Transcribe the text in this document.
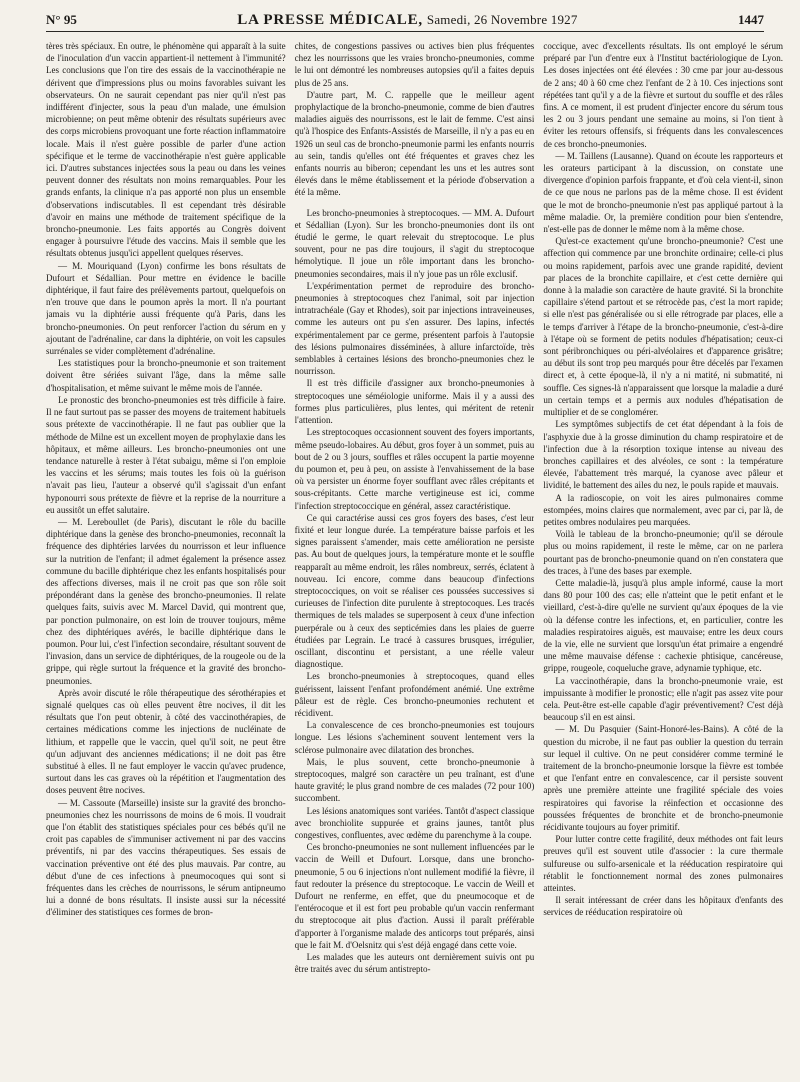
N° 95	LA PRESSE MÉDICALE, Samedi, 26 Novembre 1927	1447

tères très spéciaux. En outre, le phénomène qui apparaît à la suite de l'inoculation d'un vaccin appartient-il nettement à l'immunité? Les conclusions que l'on tire des essais de la vaccinothérapie ne dérivent que d'impressions plus ou moins favorables suivant les observateurs. On ne saurait cependant pas nier qu'il n'est pas indifférent d'injecter, sous la peau d'un malade, une émulsion microbienne; on peut même obtenir des résultats supérieurs avec des corps microbiens provoquant une forte réaction inflammatoire locale. Mais il n'est guère possible de parler d'une action spécifique et le terme de vaccinothérapie n'est guère applicable ici. D'autres substances injectées sous la peau ou dans les veines peuvent donner des résultats non moins remarquables. Pour les grands enfants, la clinique n'a pas apporté non plus un ensemble d'observations indiscutables. Il est cependant très désirable d'avoir en mains une méthode de traitement spécifique de la broncho-pneumonie. Les faits apportés au Congrès doivent engager à poursuivre l'étude des vaccins. Mais il semble que les résultats obtenus jusqu'ici appellent quelques réserves.

— M. Mouriquand (Lyon) confirme les bons résultats de Dufourt et Sédallian. Pour mettre en évidence le bacille diphtérique, il faut faire des prélèvements partout, quelquefois on n'en trouve que dans le poumon après la mort. Il n'a pourtant jamais vu la diphtérie aussi fréquente qu'à Paris, dans les broncho-pneumonies. On peut renforcer l'action du sérum en y ajoutant de l'adrénaline, car dans la diphtérie, on voit les capsules surrénales se vider complètement d'adrénaline.

Les statistiques pour la broncho-pneumonie et son traitement doivent être sériées suivant l'âge, dans la même salle d'hospitalisation, et même suivant le même mois de l'année.

Le pronostic des broncho-pneumonies est très difficile à faire. Il ne faut surtout pas se passer des moyens de traitement habituels sous prétexte de vaccinothérapie. Il ne faut pas oublier que la méthode de Milne est un excellent moyen de prophylaxie dans les hôpitaux, et même ailleurs. Les broncho-pneumonies ont une tendance naturelle à rester à l'état subaigu, même si l'on emploie les vaccins et les sérums; mais toutes les fois où la guérison n'avait pas lieu, l'auteur a observé qu'il s'agissait d'un enfant hyponourri sous prétexte de fièvre et la reprise de la nourriture a eu aussitôt un effet salutaire.

— M. Lereboullet (de Paris), discutant le rôle du bacille diphtérique dans la genèse des broncho-pneumonies, reconnaît la fréquence des diphtéries larvées du nourrisson et leur influence sur la nutrition de l'enfant; il admet également la présence assez commune du bacille diphtérique chez les enfants hospitalisés pour des affections diverses, mais il ne croit pas que son rôle soit prépondérant dans la genèse des broncho-pneumonies. Il relate quelques faits, suivis avec M. Marcel David, qui montrent que, par ponction pulmonaire, on est loin de trouver toujours, même chez des diphtériques avérés, le bacille diphtérique dans le poumon. Pour lui, c'est l'infection secondaire, résultant souvent de l'invasion, dans un service de diphtériques, de la rougeole ou de la grippe, qui règle surtout la fréquence et la gravité des broncho-pneumonies.

Après avoir discuté le rôle thérapeutique des sérothérapies et signalé quelques cas où elles peuvent être nocives, il dit les résultats que l'on peut obtenir, à côté des vaccinothérapies, de certaines médications comme les injections de nucléinate de lithium, et rappelle que le vaccin, quel qu'il soit, ne peut être qu'un adjuvant des anciennes médications; il ne doit pas être substitué à elles. Il ne faut employer le vaccin qu'avec prudence, surtout dans les cas graves où la répétition et l'augmentation des doses peuvent être nocives.

— M. Cassoute (Marseille) insiste sur la gravité des broncho-pneumonies chez les nourrissons de moins de 6 mois. Il voudrait que l'on établit des statistiques spéciales pour ces bébés qu'il ne croit pas capables de s'immuniser activement ni par des vaccins préventifs, ni par des vaccins thérapeutiques. Ses essais de vaccination préventive ont été des plus mauvais. Par contre, au début d'une de ces infections à pneumocoques qui sont si fréquentes dans les crèches de nourrissons, le sérum antipneumo lui a donné de bons résultats. Il insiste aussi sur la nécessité d'éliminer des statistiques ces formes de bron-

chites, de congestions passives ou actives bien plus fréquentes chez les nourrissons que les vraies broncho-pneumonies, comme le lui ont démontré les nombreuses autopsies qu'il a faites depuis plus de 25 ans.

D'autre part, M. C. rappelle que le meilleur agent prophylactique de la broncho-pneumonie, comme de bien d'autres maladies aiguës des nourrissons, est le lait de femme. C'est ainsi qu'à l'hospice des Enfants-Assistés de Marseille, il n'y a pas eu en 1926 un seul cas de broncho-pneumonie parmi les enfants nourris au sein, tandis qu'elles ont été fréquentes et graves chez les enfants nourris au biberon; cependant les uns et les autres sont élevés dans le même établissement et la période d'observation a été la même.

Les broncho-pneumonies à streptocoques. — MM. A. Dufourt et Sédallian (Lyon). Sur les broncho-pneumonies dont ils ont étudié le germe, le quart relevait du streptocoque. Le plus souvent, pour ne pas dire toujours, il s'agit du streptocoque hémolytique. Il joue un rôle important dans les broncho-pneumonies secondaires, mais il n'y joue pas un rôle exclusif.

L'expérimentation permet de reproduire des broncho-pneumonies à streptocoques chez l'animal, soit par injection intratrachéale (Gay et Rhodes), soit par injections intraveineuses, comme les auteurs ont pu s'en assurer. Des lapins, infectés expérimentalement par ce germe, présentent parfois à l'autopsie des lésions pulmonaires disséminées, à allure infarctoïde, très semblables à certaines lésions des broncho-pneumonies chez le nourrisson.

Il est très difficile d'assigner aux broncho-pneumonies à streptocoques une séméiologie uniforme. Mais il y a aussi des formes plus particulières, plus lentes, qui méritent de retenir l'attention.

Les streptocoques occasionnent souvent des foyers importants, même pseudo-lobaires. Au début, gros foyer à un sommet, puis au bout de 2 ou 3 jours, souffles et râles occupent la partie moyenne du poumon et, peu à peu, on assiste à l'envahissement de la base où va persister un énorme foyer soufflant avec râles crépitants et sous-crépitants. Cette marche vertigineuse est ici, comme l'infection streptococcique en général, assez caractéristique.

Ce qui caractérise aussi ces gros foyers des bases, c'est leur fixité et leur longue durée. La température baisse parfois et les signes paraissent s'amender, mais cette amélioration ne persiste pas. Au bout de quelques jours, la température monte et le souffle reapparaît au même endroit, les râles nombreux, serrés, éclatent à nouveau. Ici encore, comme dans beaucoup d'infections streptococciques, on voit se réaliser ces poussées successives si curieuses de l'infection dite purulente à streptocoques. Les tracés thermiques de tels malades se superposent à ceux d'une infection puerpérale ou à ceux des septicémies dans les plaies de guerre étudiées par Legrain. Le tracé à cassures brusques, irrégulier, oscillant, discontinu et persistant, a une réelle valeur diagnostique.

Les broncho-pneumonies à streptocoques, quand elles guérissent, laissent l'enfant profondément anémié. Une extrême pâleur est de règle. Ces broncho-pneumonies rechutent et récidivent.

La convalescence de ces broncho-pneumonies est toujours longue. Les lésions s'acheminent souvent lentement vers la sclérose pulmonaire avec dilatation des bronches.

Mais, le plus souvent, cette broncho-pneumonie à streptocoques, malgré son caractère un peu traînant, est d'une haute gravité; le plus grand nombre de ces malades (72 pour 100) succombent.

Les lésions anatomiques sont variées. Tantôt d'aspect classique avec bronchiolite suppurée et grains jaunes, tantôt plus congestives, confluentes, avec œdème du parenchyme à la coupe.

Ces broncho-pneumonies ne sont nullement influencées par le vaccin de Weill et Dufourt. Lorsque, dans une broncho-pneumonie, 5 ou 6 injections n'ont nullement modifié la fièvre, il faut redouter la présence du streptocoque. Le vaccin de Weill et Dufourt ne renferme, en effet, que du pneumocoque et de l'entérocoque et il est fort peu probable qu'un vaccin renfermant du streptocoque ait plus d'action. Aussi il paraît préférable d'apporter à l'organisme malade des anticorps tout préparés, ainsi que le fait M. d'Oelsnitz qui s'est déjà engagé dans cette voie.

Les malades que les auteurs ont dernièrement suivis ont pu être traités avec du sérum antistrepto-

coccique, avec d'excellents résultats. Ils ont employé le sérum préparé par l'un d'entre eux à l'Institut bactériologique de Lyon. Les doses injectées ont été élevées : 30 cme par jour au-dessous de 2 ans; 40 à 60 cme chez l'enfant de 2 à 10. Ces injections sont répétées tant qu'il y a de la fièvre et surtout du souffle et des râles fins. A ce moment, il est prudent d'injecter encore du sérum tous les 2 ou 3 jours pendant une semaine au moins, si l'on tient à éviter les retours offensifs, si fréquents dans les convalescences de ces broncho-pneumonies.

— M. Taillens (Lausanne). Quand on écoute les rapporteurs et les orateurs participant à la discussion, on constate une divergence d'opinion parfois frappante, et d'où cela vient-il, sinon de ce que nous ne parlons pas de la même chose. Il est évident que le mot de broncho-pneumonie n'est pas appliqué partout à la même maladie. Or, la première condition pour bien s'entendre, n'est-elle pas de donner le même nom à la même chose.

Qu'est-ce exactement qu'une broncho-pneumonie? C'est une affection qui commence par une bronchite ordinaire; celle-ci plus ou moins rapidement, parfois avec une grande rapidité, devient par places de la bronchite capillaire, et c'est cette dernière qui donne à la maladie son caractère de haute gravité. Si la bronchite capillaire s'étend partout et se rétrocède pas, c'est la mort rapide; si elle n'est pas généralisée ou si elle rétrograde par places, elle a le temps d'arriver à l'étape de la broncho-pneumonie, c'est-à-dire à l'étape où se forment de petits nodules d'hépatisation; ceux-ci sont péribronchiques ou péri-alvéolaires et d'apparence grisâtre; au début ils sont trop peu marqués pour être décelés par l'examen direct et, à cette époque-là, il n'y a ni matité, ni submatité, ni souffle. Ces signes-là n'apparaissent que lorsque la maladie a duré un certain temps et a permis aux nodules d'hépatisation de multiplier et de se conglomérer.

Les symptômes subjectifs de cet état dépendant à la fois de l'asphyxie due à la grosse diminution du champ respiratoire et de l'infection due à la résorption toxique intense au niveau des bronches capillaires et des alvéoles, ce sont : la température élevée, l'abattement très marqué, la cyanose avec pâleur et lividité, le battement des ailes du nez, le pouls rapide et mauvais.

A la radioscopie, on voit les aires pulmonaires comme estompées, moins claires que normalement, avec par ci, par là, de petites ombres nodulaires peu marquées.

Voilà le tableau de la broncho-pneumonie; qu'il se déroule plus ou moins rapidement, il reste le même, car on ne parlera pourtant pas de broncho-pneumonie quand on n'en constatera que des traces, à l'une des bases par exemple.

Cette maladie-là, jusqu'à plus ample informé, cause la mort dans 80 pour 100 des cas; elle n'atteint que le petit enfant et le vieillard, c'est-à-dire qu'elle ne survient qu'aux époques de la vie où la défense contre les infections, et, en particulier, contre les maladies respiratoires aiguës, est mauvaise; entre les deux cours de la vie, elle ne survient que lorsqu'un état primaire a engendré une même mauvaise défense : cachexie phtisique, cancéreuse, grippe, rougeole, coqueluche grave, adynamie typhique, etc.

La vaccinothérapie, dans la broncho-pneumonie vraie, est impuissante à modifier le pronostic; elle n'agit pas assez vite pour cela. Peut-être est-elle capable d'agir préventivement? C'est déjà beaucoup s'il en est ainsi.

— M. Du Pasquier (Saint-Honoré-les-Bains). A côté de la question du microbe, il ne faut pas oublier la question du terrain sur lequel il cultive. On ne peut considérer comme terminé le traitement de la broncho-pneumonie lorsque la fièvre est tombée et que l'enfant entre en convalescence, car il persiste souvent après une première atteinte une fragilité spéciale des voies respiratoires qui favorise la réinfection et occasionne des poussées fréquentes de bronchite et de broncho-pneumonie récidivante toujours au foyer primitif.

Pour lutter contre cette fragilité, deux méthodes ont fait leurs preuves qu'il est souvent utile d'associer : la cure thermale sulfureuse ou sulfo-arsenicale et la rééducation respiratoire qui rétablit le fonctionnement normal des zones pulmonaires atteintes.

Il serait intéressant de créer dans les hôpitaux d'enfants des services de rééducation respiratoire où
